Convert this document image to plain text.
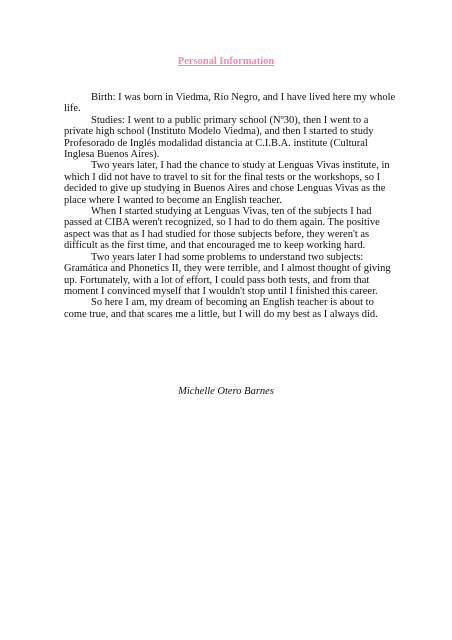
Personal Information

Birth: I was born in Viedma, Río Negro, and I have lived here my whole life.

Studies: I went to a public primary school (Nº30), then I went to a private high school (Instituto Modelo Viedma), and then I started to study Profesorado de Inglés modalidad distancia at C.I.B.A. institute (Cultural Inglesa Buenos Aires).

Two years later, I had the chance to study at Lenguas Vivas institute, in which I did not have to travel to sit for the final tests or the workshops, so I decided to give up studying in Buenos Aires and chose Lenguas Vivas as the place where I wanted to become an English teacher.

When I started studying at Lenguas Vivas, ten of the subjects I had passed at CIBA weren't recognized, so I had to do them again. The positive aspect was that as I had studied for those subjects before, they weren't as difficult as the first time, and that encouraged me to keep working hard.

Two years later I had some problems to understand two subjects: Gramática and Phonetics II, they were terrible, and I almost thought of giving up. Fortunately, with a lot of effort, I could pass both tests, and from that moment I convinced myself that I wouldn't stop until I finished this career.

So here I am, my dream of becoming an English teacher is about to come true, and that scares me a little, but I will do my best as I always did.

Michelle Otero Barnes
